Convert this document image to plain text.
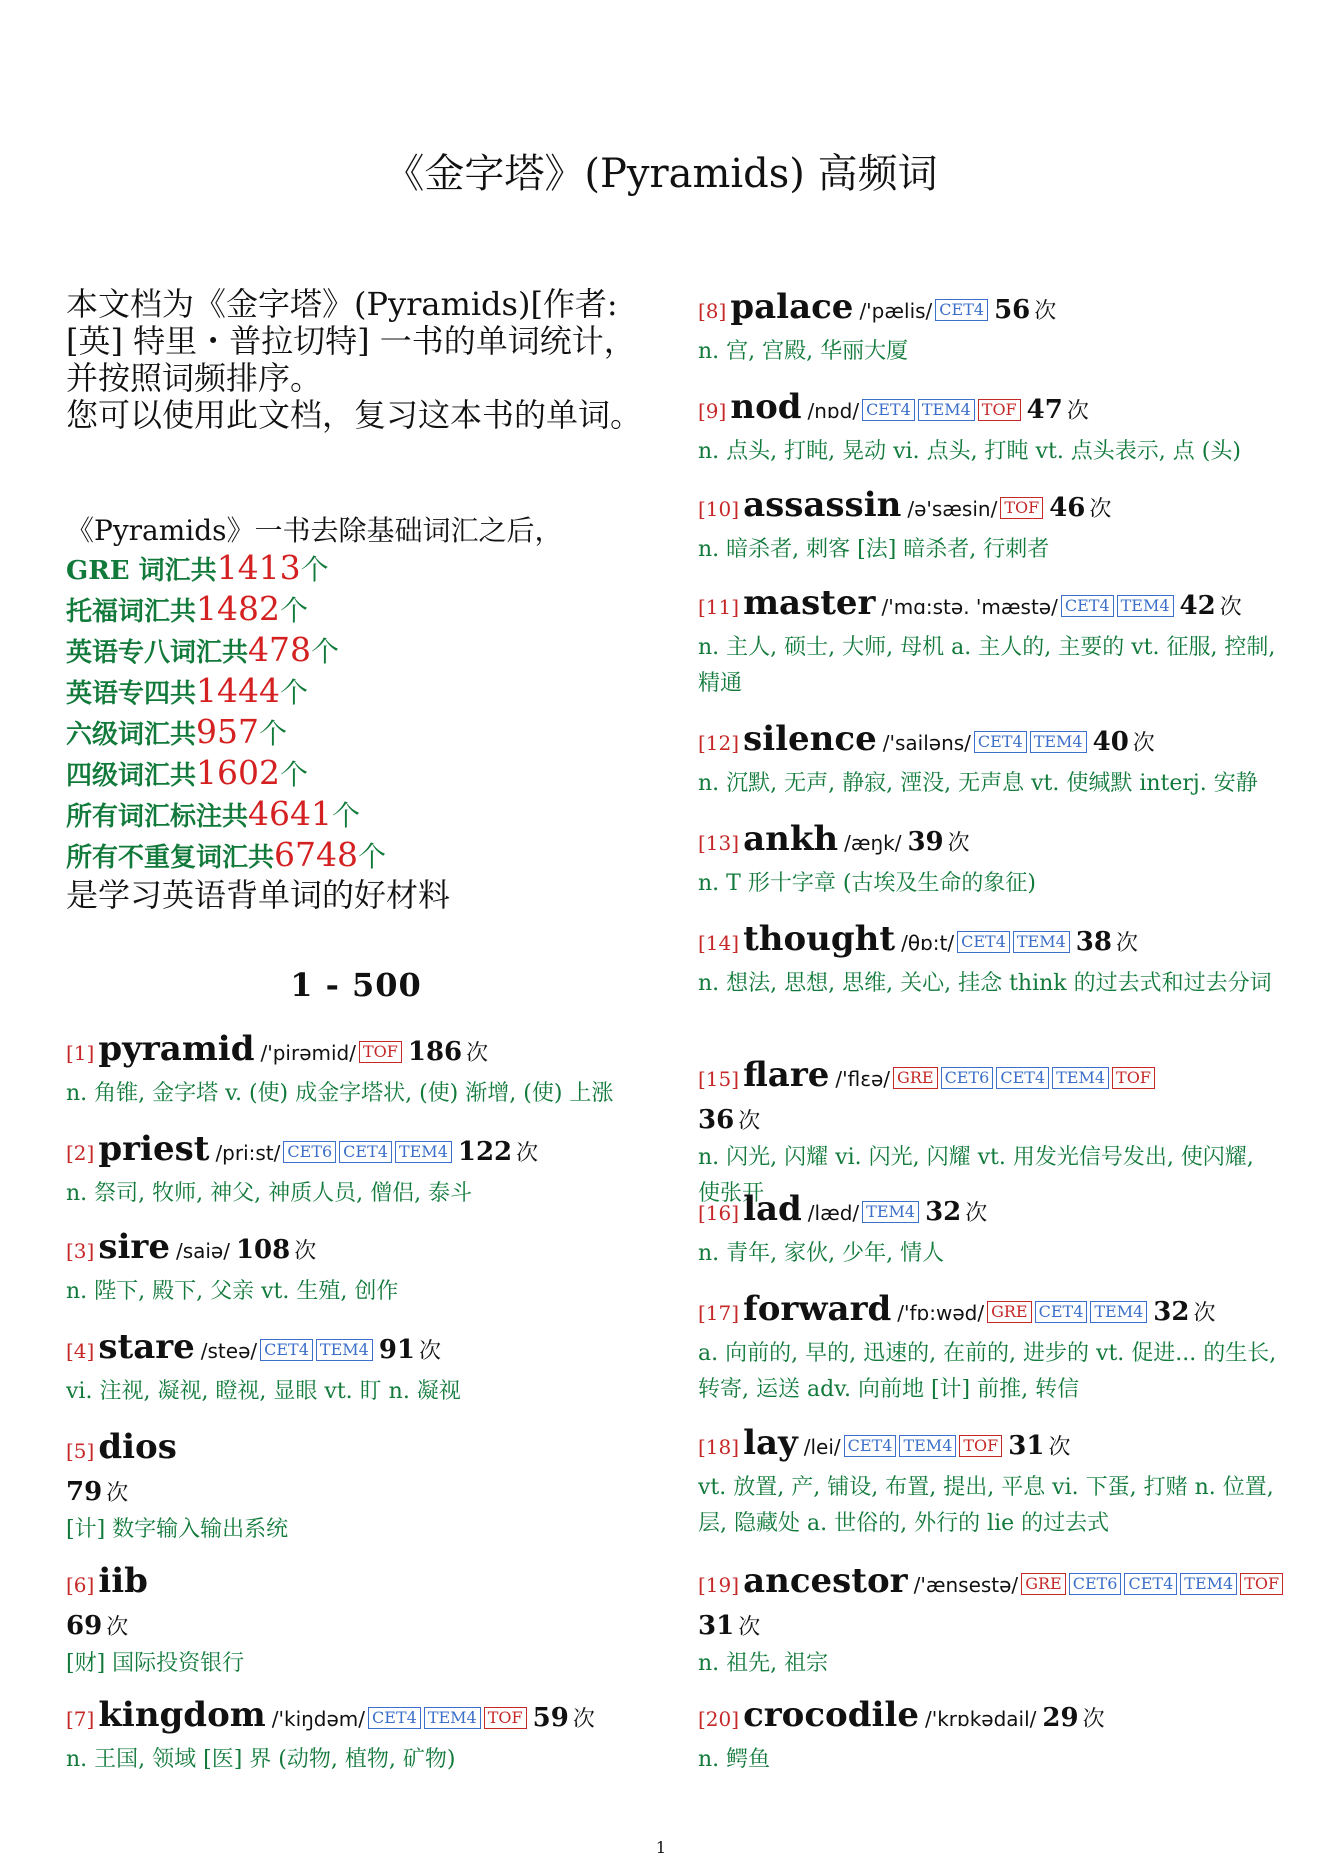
《金字塔》(Pyramids) 高频词

本文档为《金字塔》(Pyramids)[作者: [英] 特里・普拉切特] 一书的单词统计，并按照词频排序。

您可以使用此文档，复习这本书的单词。

《Pyramids》一书去除基础词汇之后，
GRE 词汇共1413个
托福词汇共1482个
英语专八词汇共478个
英语专四共1444个
六级词汇共957个
四级词汇共1602个
所有词汇标注共4641个
所有不重复词汇共6748个
是学习英语背单词的好材料
1 - 500
[1] pyramid /'pirəmid/ TOF 186 次
n. 角锥, 金字塔 v. (使) 成金字塔状, (使) 渐增, (使) 上涨
[2] priest /pri:st/ CET6 CET4 TEM4 122 次
n. 祭司, 牧师, 神父, 神质人员, 僧侣, 泰斗
[3] sire /saiə/ 108 次
n. 陛下, 殿下, 父亲 vt. 生殖, 创作
[4] stare /steə/ CET4 TEM4 91 次
vi. 注视, 凝视, 瞪视, 显眼 vt. 盯 n. 凝视
[5] dios
79 次
[计] 数字输入输出系统
[6] iib
69 次
[财] 国际投资银行
[7] kingdom /'kiŋdəm/ CET4 TEM4 TOF 59 次
n. 王国, 领域 [医] 界 (动物, 植物, 矿物)
[8] palace /'pælis/ CET4 56 次
n. 宫, 宫殿, 华丽大厦
[9] nod /nɒd/ CET4 TEM4 TOF 47 次
n. 点头, 打盹, 晃动 vi. 点头, 打盹 vt. 点头表示, 点 (头)
[10] assassin /ə'sæsin/ TOF 46 次
n. 暗杀者, 刺客 [法] 暗杀者, 行刺者
[11] master /'mɑ:stə. 'mæstə/ CET4 TEM4 42 次
n. 主人, 硕士, 大师, 母机 a. 主人的, 主要的 vt. 征服, 控制, 精通
[12] silence /'sailəns/ CET4 TEM4 40 次
n. 沉默, 无声, 静寂, 湮没, 无声息 vt. 使缄默 interj. 安静
[13] ankh /æŋk/ 39 次
n. T 形十字章 (古埃及生命的象征)
[14] thought /θɒ:t/ CET4 TEM4 38 次
n. 想法, 思想, 思维, 关心, 挂念 think 的过去式和过去分词
[15] flare /'flɛə/ GRE CET6 CET4 TEM4 TOF
36 次
n. 闪光, 闪耀 vi. 闪光, 闪耀 vt. 用发光信号发出, 使闪耀, 使张开
[16] lad /læd/ TEM4 32 次
n. 青年, 家伙, 少年, 情人
[17] forward /'fɒ:wəd/ GRE CET4 TEM4 32 次
a. 向前的, 早的, 迅速的, 在前的, 进步的 vt. 促进... 的生长, 转寄, 运送 adv. 向前地 [计] 前推, 转信
[18] lay /lei/ CET4 TEM4 TOF 31 次
vt. 放置, 产, 铺设, 布置, 提出, 平息 vi. 下蛋, 打赌 n. 位置, 层, 隐藏处 a. 世俗的, 外行的 lie 的过去式
[19] ancestor /'ænsestə/ GRE CET6 CET4 TEM4 TOF
31 次
n. 祖先, 祖宗
[20] crocodile /'krɒkədail/ 29 次
n. 鳄鱼
1
